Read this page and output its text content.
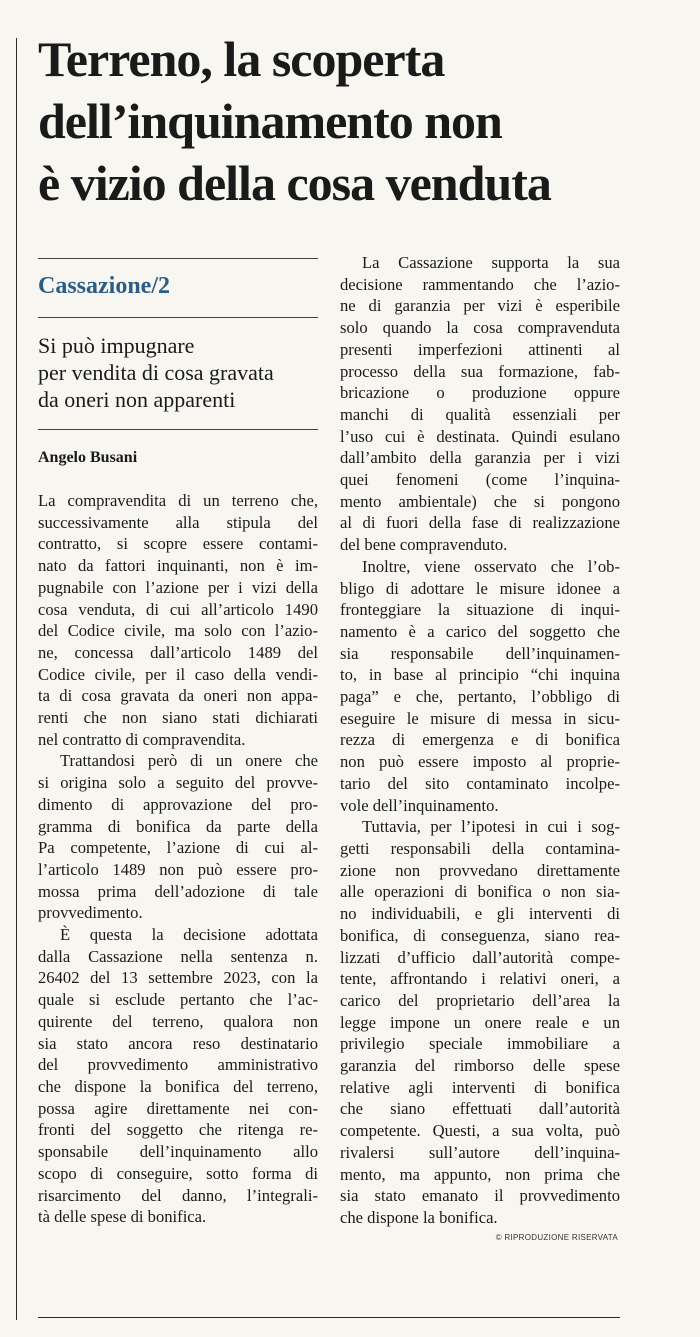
Terreno, la scoperta
dell’inquinamento non
è vizio della cosa venduta
Cassazione/2
Si può impugnare
per vendita di cosa gravata
da oneri non apparenti
Angelo Busani
La compravendita di un terreno che,
successivamente alla stipula del
contratto, si scopre essere contami-
nato da fattori inquinanti, non è im-
pugnabile con l’azione per i vizi della
cosa venduta, di cui all’articolo 1490
del Codice civile, ma solo con l’azio-
ne, concessa dall’articolo 1489 del
Codice civile, per il caso della vendi-
ta di cosa gravata da oneri non appa-
renti che non siano stati dichiarati
nel contratto di compravendita.
Trattandosi però di un onere che
si origina solo a seguito del provve-
dimento di approvazione del pro-
gramma di bonifica da parte della
Pa competente, l’azione di cui al-
l’articolo 1489 non può essere pro-
mossa prima dell’adozione di tale
provvedimento.
È questa la decisione adottata
dalla Cassazione nella sentenza n.
26402 del 13 settembre 2023, con la
quale si esclude pertanto che l’ac-
quirente del terreno, qualora non
sia stato ancora reso destinatario
del provvedimento amministrativo
che dispone la bonifica del terreno,
possa agire direttamente nei con-
fronti del soggetto che ritenga re-
sponsabile dell’inquinamento allo
scopo di conseguire, sotto forma di
risarcimento del danno, l’integrali-
tà delle spese di bonifica.
La Cassazione supporta la sua
decisione rammentando che l’azio-
ne di garanzia per vizi è esperibile
solo quando la cosa compravenduta
presenti imperfezioni attinenti al
processo della sua formazione, fab-
bricazione o produzione oppure
manchi di qualità essenziali per
l’uso cui è destinata. Quindi esulano
dall’ambito della garanzia per i vizi
quei fenomeni (come l’inquina-
mento ambientale) che si pongono
al di fuori della fase di realizzazione
del bene compravenduto.
Inoltre, viene osservato che l’ob-
bligo di adottare le misure idonee a
fronteggiare la situazione di inqui-
namento è a carico del soggetto che
sia responsabile dell’inquinamen-
to, in base al principio “chi inquina
paga” e che, pertanto, l’obbligo di
eseguire le misure di messa in sicu-
rezza di emergenza e di bonifica
non può essere imposto al proprie-
tario del sito contaminato incolpe-
vole dell’inquinamento.
Tuttavia, per l’ipotesi in cui i sog-
getti responsabili della contamina-
zione non provvedano direttamente
alle operazioni di bonifica o non sia-
no individuabili, e gli interventi di
bonifica, di conseguenza, siano rea-
lizzati d’ufficio dall’autorità compe-
tente, affrontando i relativi oneri, a
carico del proprietario dell’area la
legge impone un onere reale e un
privilegio speciale immobiliare a
garanzia del rimborso delle spese
relative agli interventi di bonifica
che siano effettuati dall’autorità
competente. Questi, a sua volta, può
rivalersi sull’autore dell’inquina-
mento, ma appunto, non prima che
sia stato emanato il provvedimento
che dispone la bonifica.
© RIPRODUZIONE RISERVATA
